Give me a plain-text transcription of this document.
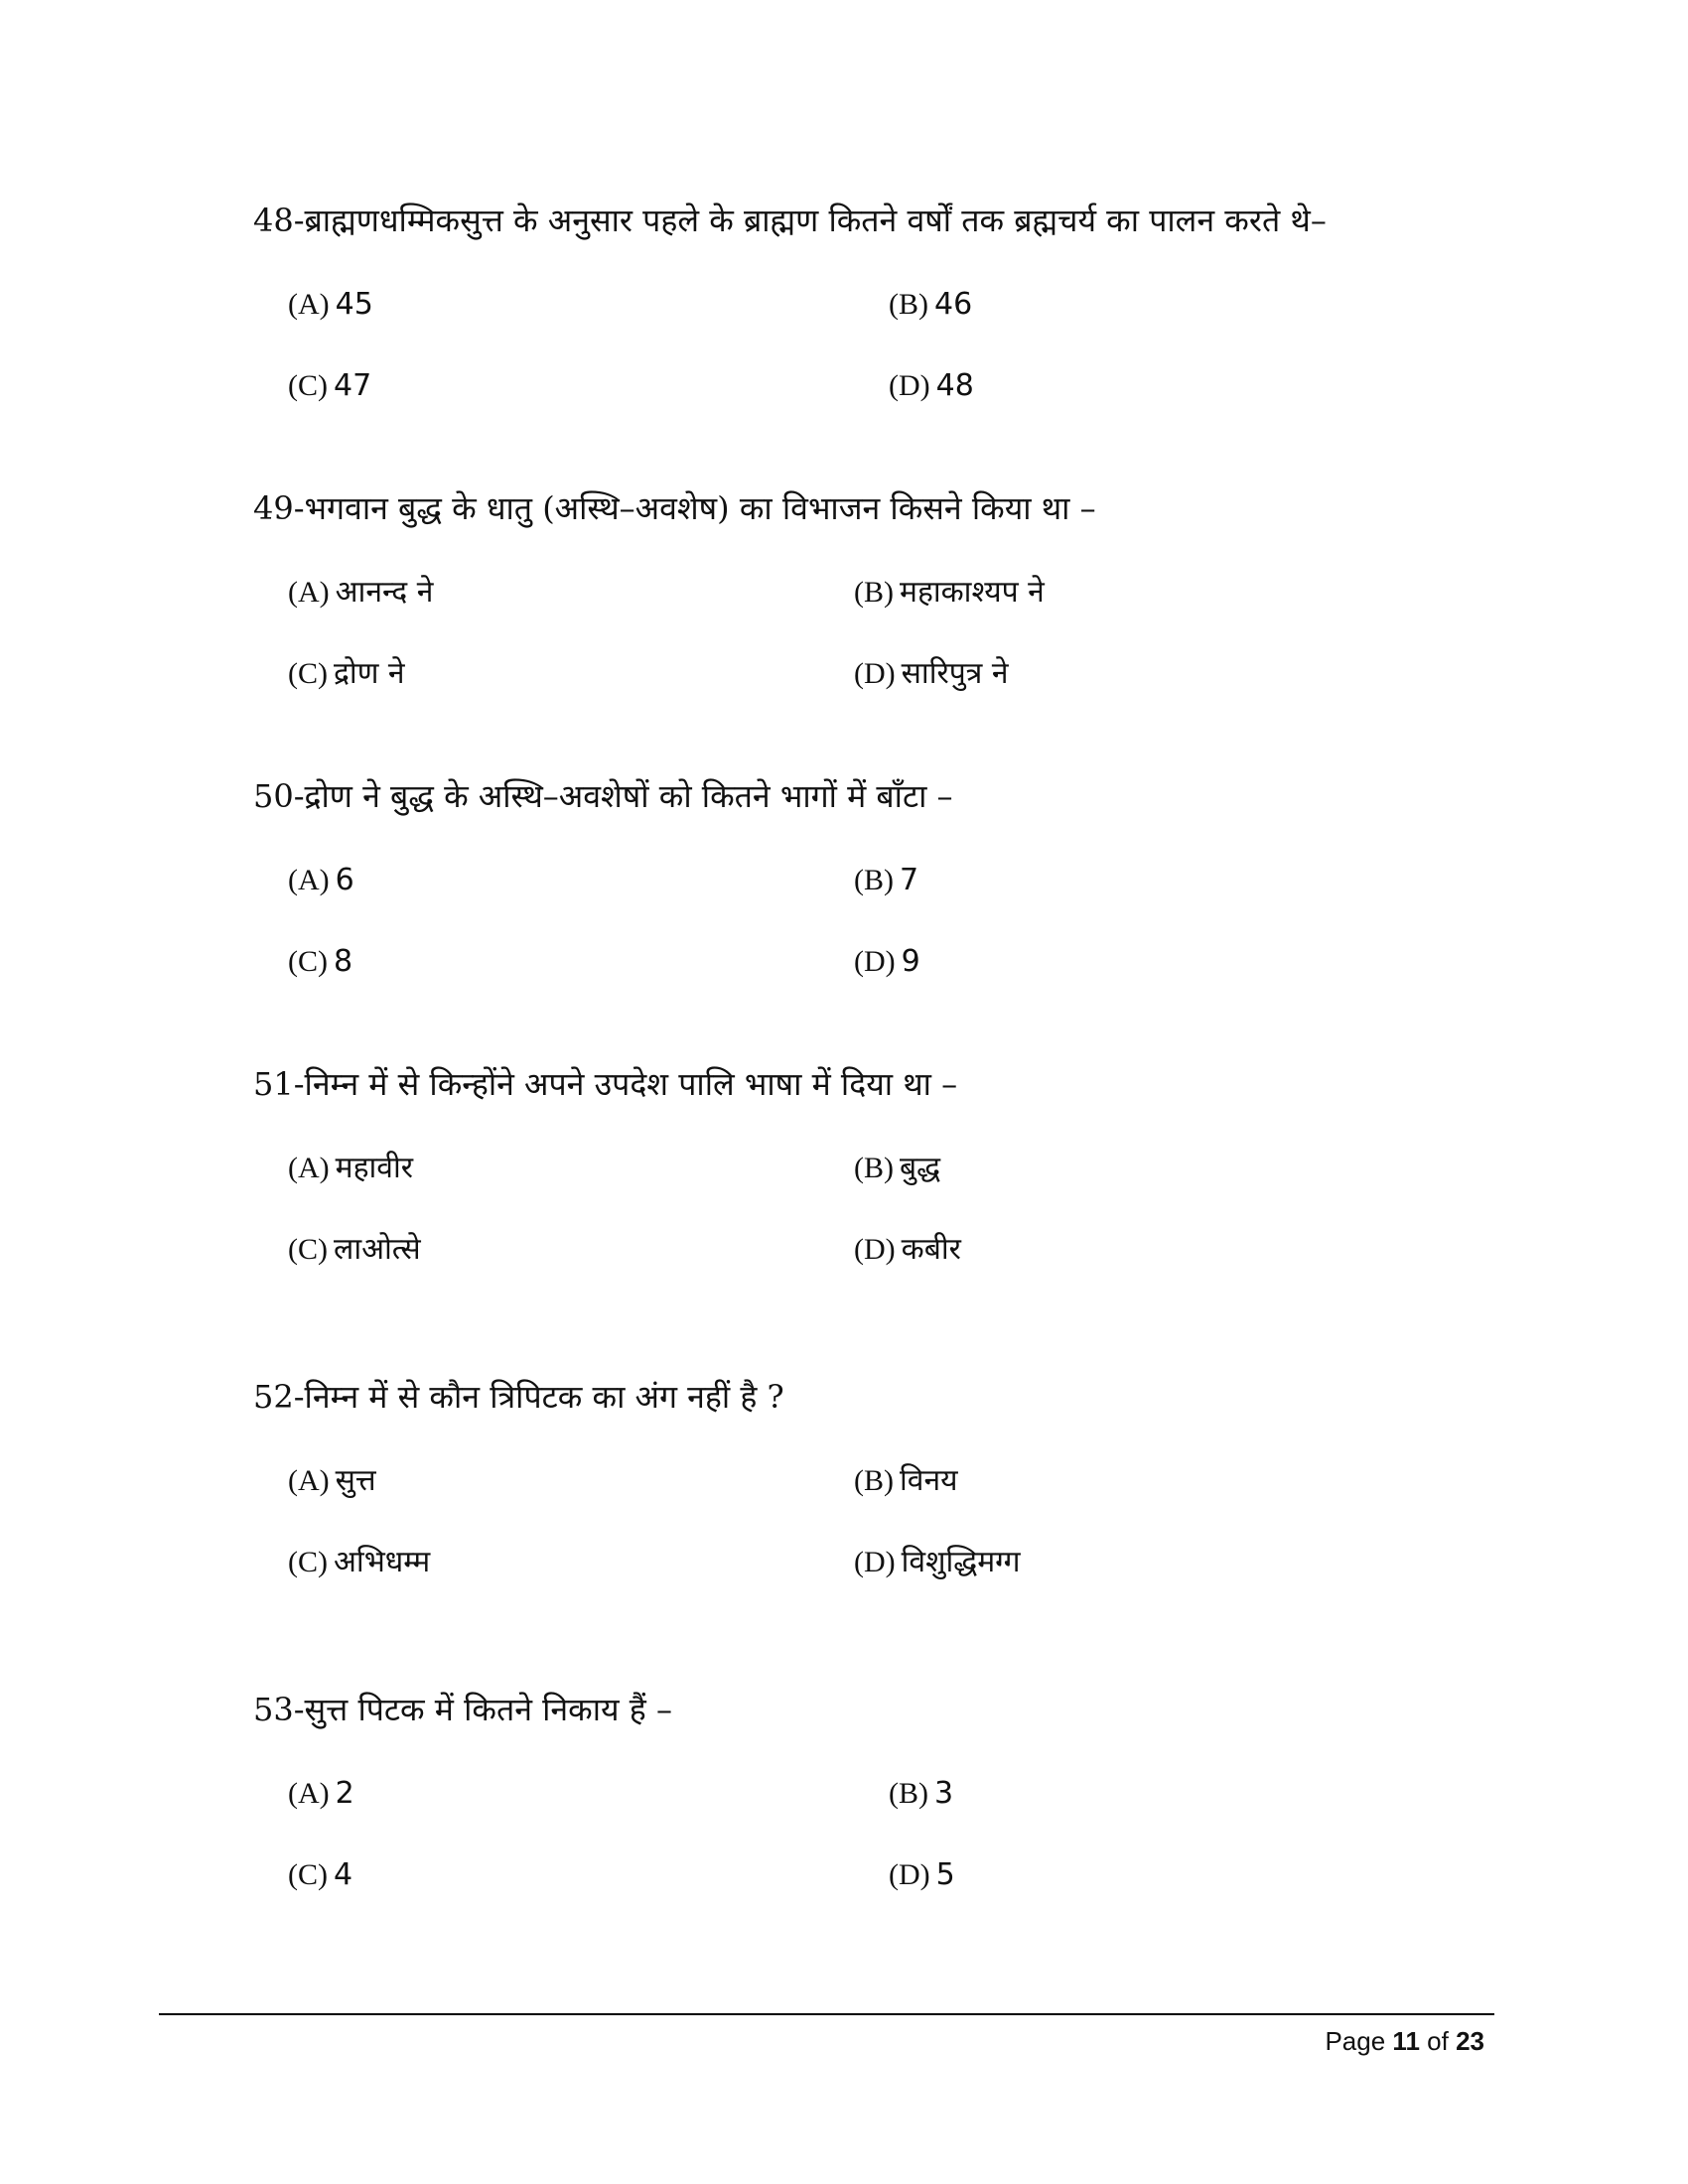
48-ब्राह्मणधम्मिकसुत्त के अनुसार पहले के ब्राह्मण कितने वर्षों तक ब्रह्मचर्य का पालन करते थे–
(A) 45	(B) 46
(C) 47	(D) 48
49-भगवान बुद्ध के धातु (अस्थि–अवशेष) का विभाजन किसने किया था –
(A) आनन्द ने	(B) महाकाश्यप ने
(C) द्रोण ने	(D) सारिपुत्र ने
50-द्रोण ने बुद्ध के अस्थि–अवशेषों को कितने भागों में बाँटा –
(A) 6	(B) 7
(C) 8	(D) 9
51-निम्न में से किन्होंने अपने उपदेश पालि भाषा में दिया था –
(A) महावीर	(B) बुद्ध
(C) लाओत्से	(D) कबीर
52-निम्न में से कौन त्रिपिटक का अंग नहीं है ?
(A) सुत्त	(B) विनय
(C) अभिधम्म	(D) विशुद्धिमग्ग
53-सुत्त पिटक में कितने निकाय हैं –
(A) 2	(B) 3
(C) 4	(D) 5
Page 11 of 23
